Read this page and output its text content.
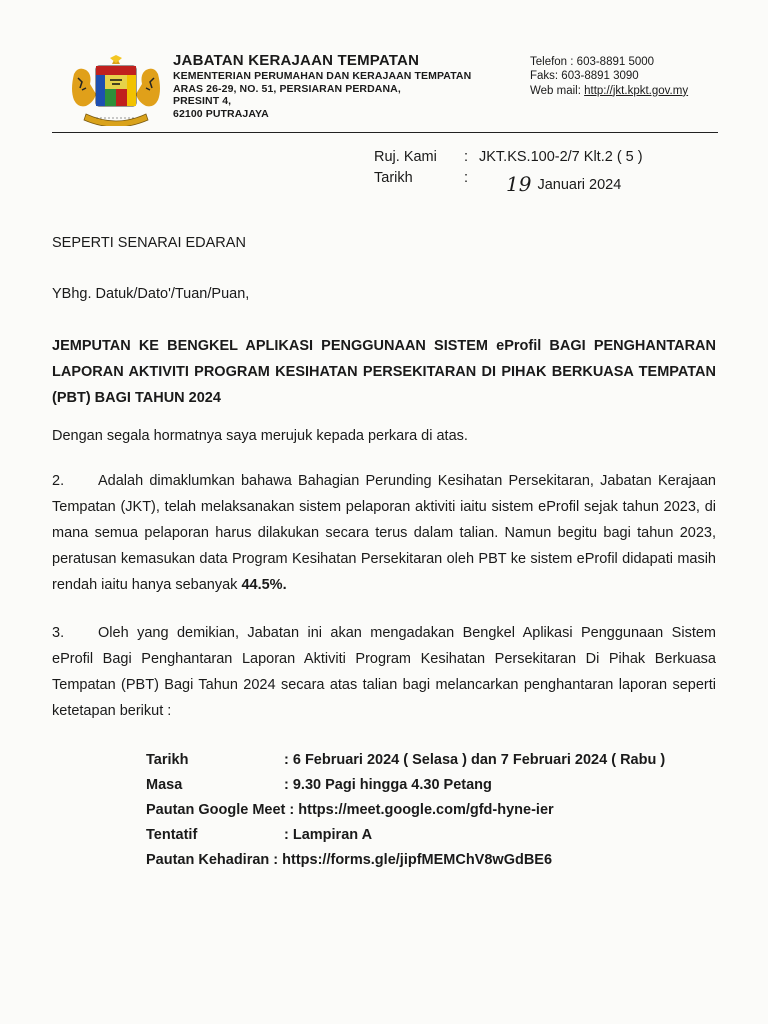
JABATAN KERAJAAN TEMPATAN
KEMENTERIAN PERUMAHAN DAN KERAJAAN TEMPATAN
ARAS 26-29, NO. 51, PERSIARAN PERDANA,
PRESINT 4,
62100 PUTRAJAYA
Telefon : 603-8891 5000
Faks: 603-8891 3090
Web mail: http://jkt.kpkt.gov.my
Ruj. Kami	: JKT.KS.100-2/7 Klt.2 ( 5 )
Tarikh	: 19 Januari 2024
SEPERTI SENARAI EDARAN
YBhg. Datuk/Dato'/Tuan/Puan,
JEMPUTAN KE BENGKEL APLIKASI PENGGUNAAN SISTEM eProfil BAGI PENGHANTARAN LAPORAN AKTIVITI PROGRAM KESIHATAN PERSEKITARAN DI PIHAK BERKUASA TEMPATAN (PBT) BAGI TAHUN 2024
Dengan segala hormatnya saya merujuk kepada perkara di atas.
2. Adalah dimaklumkan bahawa Bahagian Perunding Kesihatan Persekitaran, Jabatan Kerajaan Tempatan (JKT), telah melaksanakan sistem pelaporan aktiviti iaitu sistem eProfil sejak tahun 2023, di mana semua pelaporan harus dilakukan secara terus dalam talian. Namun begitu bagi tahun 2023, peratusan kemasukan data Program Kesihatan Persekitaran oleh PBT ke sistem eProfil didapati masih rendah iaitu hanya sebanyak 44.5%.
3. Oleh yang demikian, Jabatan ini akan mengadakan Bengkel Aplikasi Penggunaan Sistem eProfil Bagi Penghantaran Laporan Aktiviti Program Kesihatan Persekitaran Di Pihak Berkuasa Tempatan (PBT) Bagi Tahun 2024 secara atas talian bagi melancarkan penghantaran laporan seperti ketetapan berikut :
Tarikh	: 6 Februari 2024 ( Selasa ) dan 7 Februari 2024 ( Rabu )
Masa	: 9.30 Pagi hingga 4.30 Petang
Pautan Google Meet : https://meet.google.com/gfd-hyne-ier
Tentatif	: Lampiran A
Pautan Kehadiran : https://forms.gle/jipfMEMChV8wGdBE6
